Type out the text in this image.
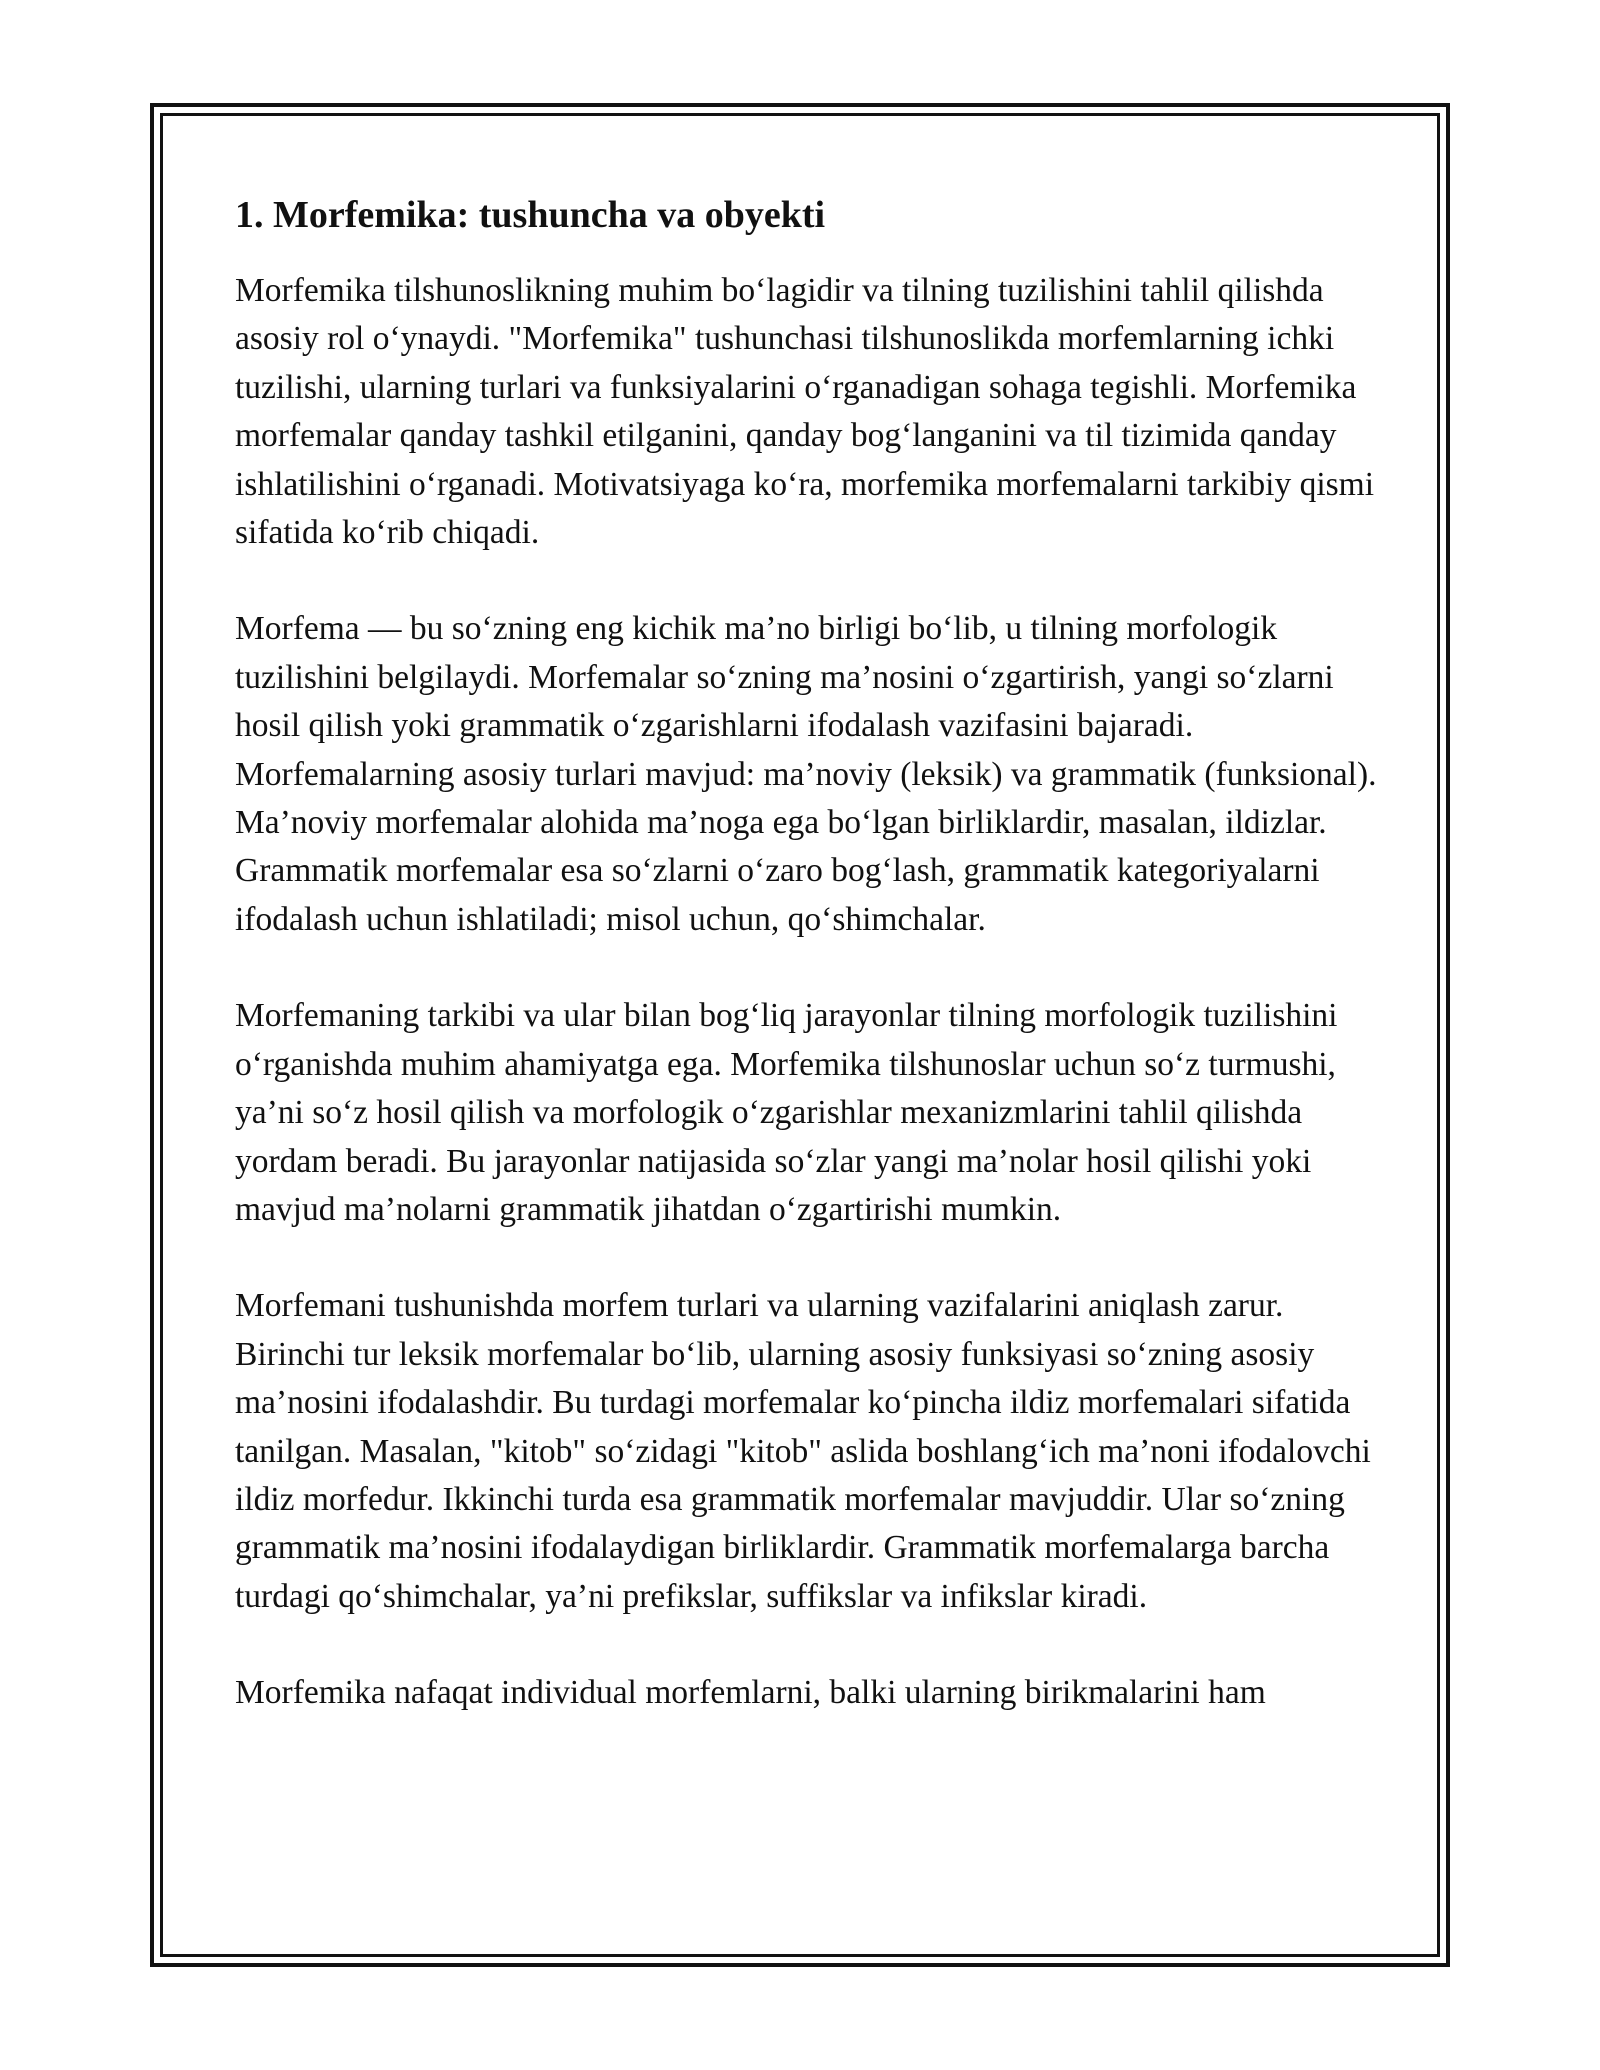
1. Morfemika: tushuncha va obyekti

Morfemika tilshunoslikning muhim bo‘lagidir va tilning tuzilishini tahlil qilishda asosiy rol o‘ynaydi. "Morfemika" tushunchasi tilshunoslikda morfemlarning ichki tuzilishi, ularning turlari va funksiyalarini o‘rganadigan sohaga tegishli. Morfemika morfemalar qanday tashkil etilganini, qanday bog‘langanini va til tizimida qanday ishlatilishini o‘rganadi. Motivatsiyaga ko‘ra, morfemika morfemalarni tarkibiy qismi sifatida ko‘rib chiqadi.

Morfema — bu so‘zning eng kichik ma’no birligi bo‘lib, u tilning morfologik tuzilishini belgilaydi. Morfemalar so‘zning ma’nosini o‘zgartirish, yangi so‘zlarni hosil qilish yoki grammatik o‘zgarishlarni ifodalash vazifasini bajaradi. Morfemalarning asosiy turlari mavjud: ma’noviy (leksik) va grammatik (funksional). Ma’noviy morfemalar alohida ma’noga ega bo‘lgan birliklardir, masalan, ildizlar. Grammatik morfemalar esa so‘zlarni o‘zaro bog‘lash, grammatik kategoriyalarni ifodalash uchun ishlatiladi; misol uchun, qo‘shimchalar.

Morfemaning tarkibi va ular bilan bog‘liq jarayonlar tilning morfologik tuzilishini o‘rganishda muhim ahamiyatga ega. Morfemika tilshunoslar uchun so‘z turmushi, ya’ni so‘z hosil qilish va morfologik o‘zgarishlar mexanizmlarini tahlil qilishda yordam beradi. Bu jarayonlar natijasida so‘zlar yangi ma’nolar hosil qilishi yoki mavjud ma’nolarni grammatik jihatdan o‘zgartirishi mumkin.

Morfemani tushunishda morfem turlari va ularning vazifalarini aniqlash zarur. Birinchi tur leksik morfemalar bo‘lib, ularning asosiy funksiyasi so‘zning asosiy ma’nosini ifodalashdir. Bu turdagi morfemalar ko‘pincha ildiz morfemalari sifatida tanilgan. Masalan, "kitob" so‘zidagi "kitob" aslida boshlang‘ich ma’noni ifodalovchi ildiz morfedur. Ikkinchi turda esa grammatik morfemalar mavjuddir. Ular so‘zning grammatik ma’nosini ifodalaydigan birliklardir. Grammatik morfemalarga barcha turdagi qo‘shimchalar, ya’ni prefikslar, suffikslar va infikslar kiradi.

Morfemika nafaqat individual morfemlarni, balki ularning birikmalarini ham
